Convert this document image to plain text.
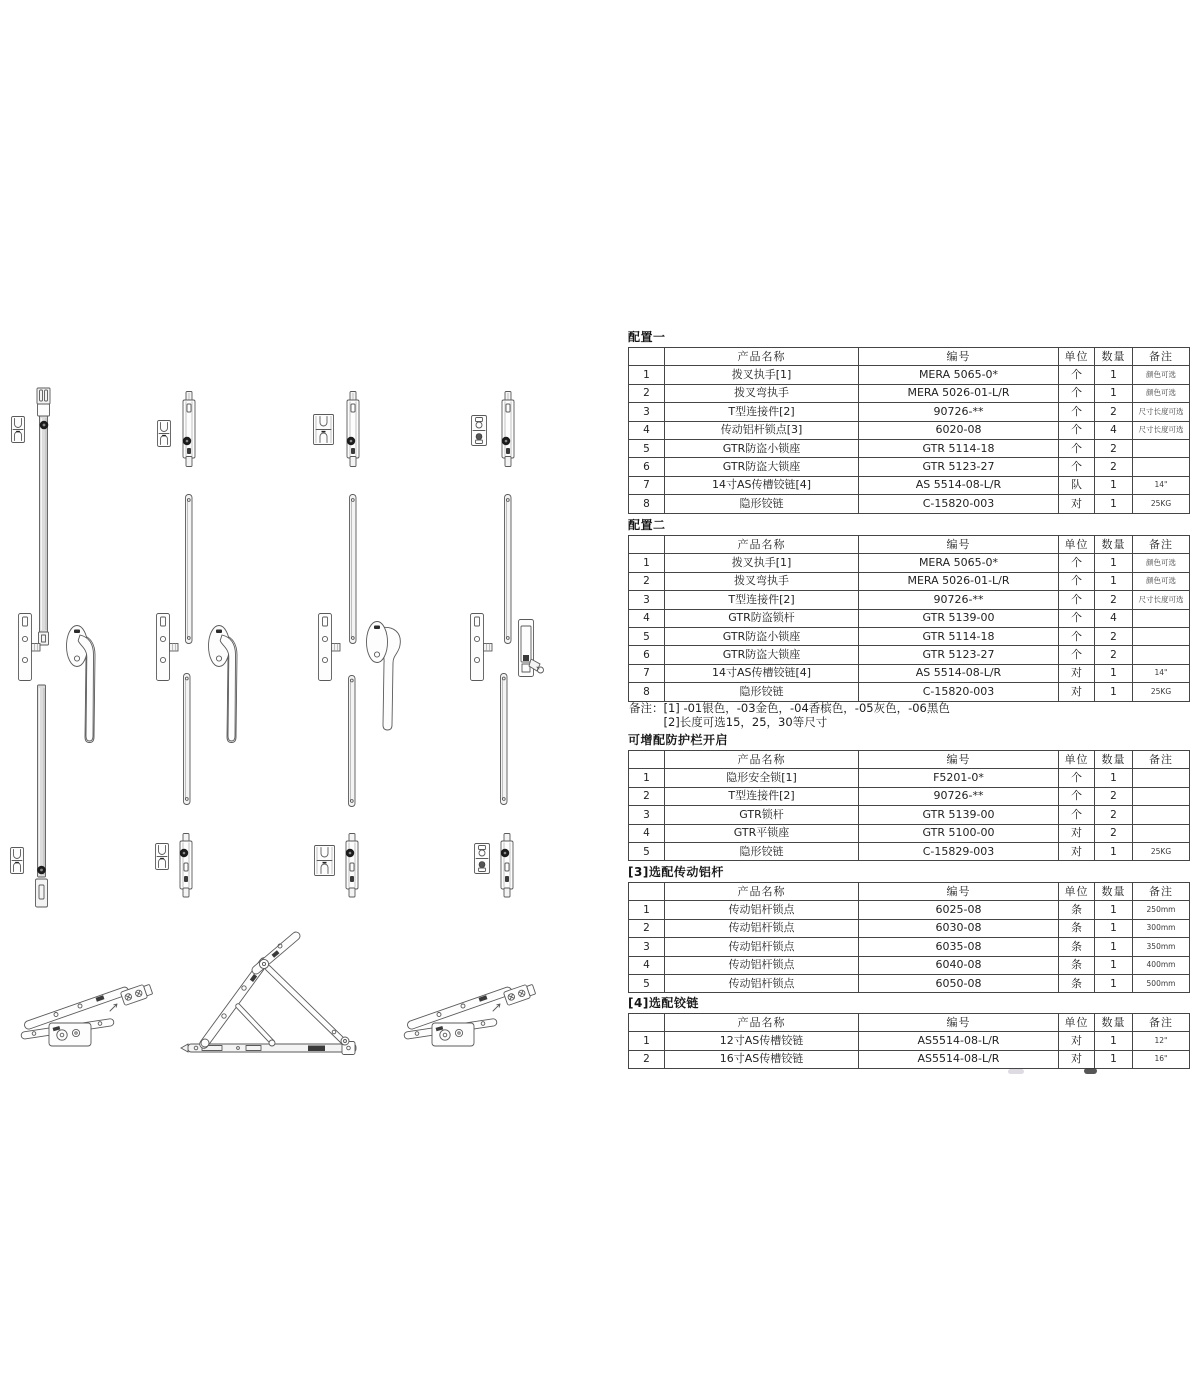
配置一
	产品名称	编号	单位	数量	备注
1	拨叉执手[1]	MERA 5065-0*	个	1	颜色可选
2	拨叉弯执手	MERA 5026-01-L/R	个	1	颜色可选
3	T型连接件[2]	90726-**	个	2	尺寸长度可选
4	传动铝杆锁点[3]	6020-08	个	4	尺寸长度可选
5	GTR防盗小锁座	GTR 5114-18	个	2	
6	GTR防盗大锁座	GTR 5123-27	个	2	
7	14寸AS传槽铰链[4]	AS 5514-08-L/R	队	1	14"
8	隐形铰链	C-15820-003	对	1	25KG
配置二
	产品名称	编号	单位	数量	备注
1	拨叉执手[1]	MERA 5065-0*	个	1	颜色可选
2	拨叉弯执手	MERA 5026-01-L/R	个	1	颜色可选
3	T型连接件[2]	90726-**	个	2	尺寸长度可选
4	GTR防盗锁杆	GTR 5139-00	个	4	
5	GTR防盗小锁座	GTR 5114-18	个	2	
6	GTR防盗大锁座	GTR 5123-27	个	2	
7	14寸AS传槽铰链[4]	AS 5514-08-L/R	对	1	14"
8	隐形铰链	C-15820-003	对	1	25KG
备注： [1] -01银色，-03金色，-04香槟色，-05灰色，-06黑色
[2]长度可选15，25，30等尺寸
可增配防护栏开启
	产品名称	编号	单位	数量	备注
1	隐形安全锁[1]	F5201-0*	个	1	
2	T型连接件[2]	90726-**	个	2	
3	GTR锁杆	GTR 5139-00	个	2	
4	GTR平锁座	GTR 5100-00	对	2	
5	隐形铰链	C-15829-003	对	1	25KG
[3]选配传动铝杆
	产品名称	编号	单位	数量	备注
1	传动铝杆锁点	6025-08	条	1	250mm
2	传动铝杆锁点	6030-08	条	1	300mm
3	传动铝杆锁点	6035-08	条	1	350mm
4	传动铝杆锁点	6040-08	条	1	400mm
5	传动铝杆锁点	6050-08	条	1	500mm
[4]选配铰链
	产品名称	编号	单位	数量	备注
1	12寸AS传槽铰链	AS5514-08-L/R	对	1	12"
2	16寸AS传槽铰链	AS5514-08-L/R	对	1	16"
